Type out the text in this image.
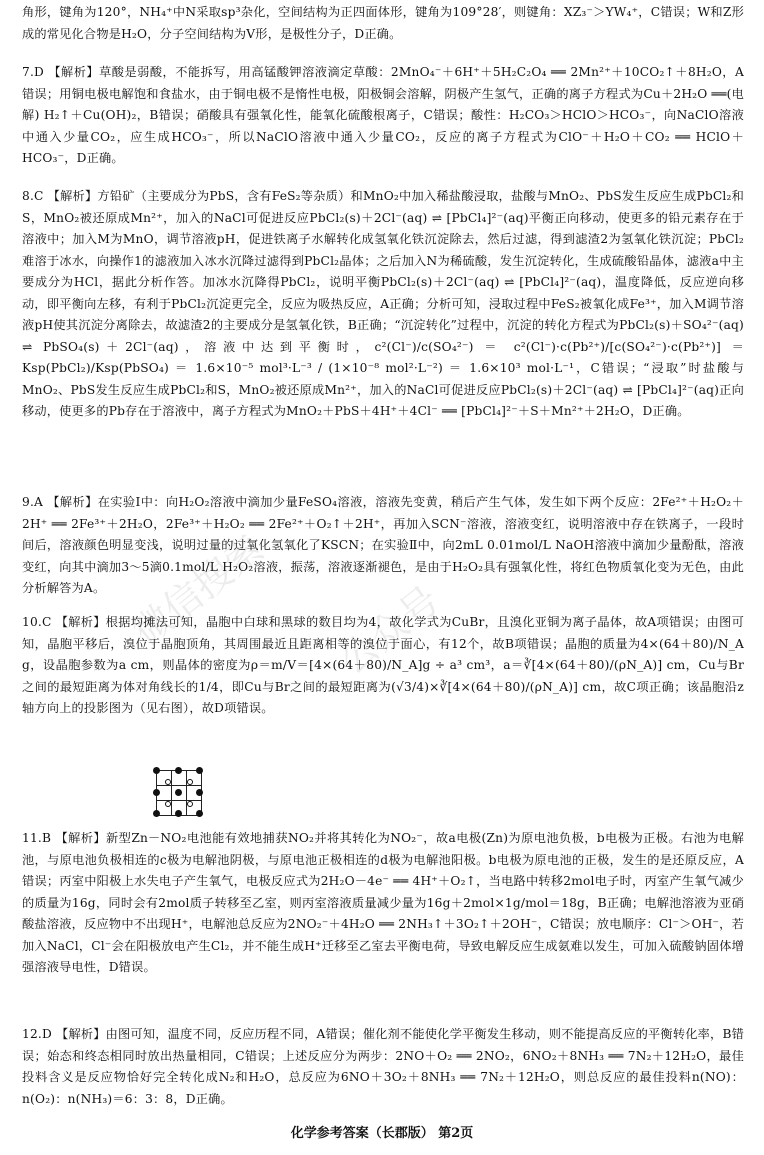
微信搜索 公众号
角形，键角为120°，NH₄⁺中N采取sp³杂化，空间结构为正四面体形，键角为109°28′，则键角：XZ₃⁻＞YW₄⁺，C错误；W和Z形成的常见化合物是H₂O，分子空间结构为V形，是极性分子，D正确。
7.D 【解析】草酸是弱酸，不能拆写，用高锰酸钾溶液滴定草酸：2MnO₄⁻＋6H⁺＋5H₂C₂O₄ ══ 2Mn²⁺＋10CO₂↑＋8H₂O，A错误；用铜电极电解饱和食盐水，由于铜电极不是惰性电极，阳极铜会溶解，阴极产生氢气，正确的离子方程式为Cu＋2H₂O ══(电解) H₂↑＋Cu(OH)₂，B错误；硝酸具有强氧化性，能氧化硫酸根离子，C错误；酸性：H₂CO₃＞HClO＞HCO₃⁻，向NaClO溶液中通入少量CO₂，应生成HCO₃⁻，所以NaClO溶液中通入少量CO₂，反应的离子方程式为ClO⁻＋H₂O＋CO₂ ══ HClO＋HCO₃⁻，D正确。
8.C 【解析】方铅矿（主要成分为PbS，含有FeS₂等杂质）和MnO₂中加入稀盐酸浸取，盐酸与MnO₂、PbS发生反应生成PbCl₂和S，MnO₂被还原成Mn²⁺，加入的NaCl可促进反应PbCl₂(s)＋2Cl⁻(aq) ⇌ [PbCl₄]²⁻(aq)平衡正向移动，使更多的铅元素存在于溶液中；加入M为MnO，调节溶液pH，促进铁离子水解转化成氢氧化铁沉淀除去，然后过滤，得到滤渣2为氢氧化铁沉淀；PbCl₂难溶于冰水，向操作1的滤液加入冰水沉降过滤得到PbCl₂晶体；之后加入N为稀硫酸，发生沉淀转化，生成硫酸铅晶体，滤液a中主要成分为HCl，据此分析作答。加冰水沉降得PbCl₂，说明平衡PbCl₂(s)＋2Cl⁻(aq) ⇌ [PbCl₄]²⁻(aq)，温度降低，反应逆向移动，即平衡向左移，有利于PbCl₂沉淀更完全，反应为吸热反应，A正确；分析可知，浸取过程中FeS₂被氧化成Fe³⁺，加入M调节溶液pH使其沉淀分离除去，故滤渣2的主要成分是氢氧化铁，B正确；“沉淀转化”过程中，沉淀的转化方程式为PbCl₂(s)＋SO₄²⁻(aq) ⇌ PbSO₄(s)＋2Cl⁻(aq)，溶液中达到平衡时，c²(Cl⁻)/c(SO₄²⁻) ＝ c²(Cl⁻)·c(Pb²⁺)/[c(SO₄²⁻)·c(Pb²⁺)] ＝ Ksp(PbCl₂)/Ksp(PbSO₄) ＝ 1.6×10⁻⁵ mol³·L⁻³ / (1×10⁻⁸ mol²·L⁻²) ＝ 1.6×10³ mol·L⁻¹，C错误；“浸取”时盐酸与MnO₂、PbS发生反应生成PbCl₂和S，MnO₂被还原成Mn²⁺，加入的NaCl可促进反应PbCl₂(s)＋2Cl⁻(aq) ⇌ [PbCl₄]²⁻(aq)正向移动，使更多的Pb存在于溶液中，离子方程式为MnO₂＋PbS＋4H⁺＋4Cl⁻ ══ [PbCl₄]²⁻＋S＋Mn²⁺＋2H₂O，D正确。
9.A 【解析】在实验Ⅰ中：向H₂O₂溶液中滴加少量FeSO₄溶液，溶液先变黄，稍后产生气体，发生如下两个反应：2Fe²⁺＋H₂O₂＋2H⁺ ══ 2Fe³⁺＋2H₂O，2Fe³⁺＋H₂O₂ ══ 2Fe²⁺＋O₂↑＋2H⁺，再加入SCN⁻溶液，溶液变红，说明溶液中存在铁离子，一段时间后，溶液颜色明显变浅，说明过量的过氧化氢氧化了KSCN；在实验Ⅱ中，向2mL 0.01mol/L NaOH溶液中滴加少量酚酞，溶液变红，向其中滴加3～5滴0.1mol/L H₂O₂溶液，振荡，溶液逐渐褪色，是由于H₂O₂具有强氧化性，将红色物质氧化变为无色，由此分析解答为A。
10.C 【解析】根据均摊法可知，晶胞中白球和黑球的数目均为4，故化学式为CuBr，且溴化亚铜为离子晶体，故A项错误；由图可知，晶胞平移后，溴位于晶胞顶角，其周围最近且距离相等的溴位于面心，有12个，故B项错误；晶胞的质量为4×(64＋80)/N_A g，设晶胞参数为a cm，则晶体的密度为ρ＝m/V＝[4×(64＋80)/N_A]g ÷ a³ cm³，a＝∛[4×(64＋80)/(ρN_A)] cm，Cu与Br之间的最短距离为体对角线长的1/4，即Cu与Br之间的最短距离为(√3/4)×∛[4×(64＋80)/(ρN_A)] cm，故C项正确；该晶胞沿z轴方向上的投影图为（见右图），故D项错误。
11.B 【解析】新型Zn－NO₂电池能有效地捕获NO₂并将其转化为NO₂⁻，故a电极(Zn)为原电池负极，b电极为正极。右池为电解池，与原电池负极相连的c极为电解池阴极，与原电池正极相连的d极为电解池阳极。b电极为原电池的正极，发生的是还原反应，A错误；丙室中阳极上水失电子产生氧气，电极反应式为2H₂O－4e⁻ ══ 4H⁺＋O₂↑，当电路中转移2mol电子时，丙室产生氧气减少的质量为16g，同时会有2mol质子转移至乙室，则丙室溶液质量减少量为16g＋2mol×1g/mol＝18g，B正确；电解池溶液为亚硝酸盐溶液，反应物中不出现H⁺，电解池总反应为2NO₂⁻＋4H₂O ══ 2NH₃↑＋3O₂↑＋2OH⁻，C错误；放电顺序：Cl⁻＞OH⁻，若加入NaCl，Cl⁻会在阳极放电产生Cl₂，并不能生成H⁺迁移至乙室去平衡电荷，导致电解反应生成氨难以发生，可加入硫酸钠固体增强溶液导电性，D错误。
12.D 【解析】由图可知，温度不同，反应历程不同，A错误；催化剂不能使化学平衡发生移动，则不能提高反应的平衡转化率，B错误；始态和终态相同时放出热量相同，C错误；上述反应分为两步：2NO＋O₂ ══ 2NO₂，6NO₂＋8NH₃ ══ 7N₂＋12H₂O，最佳投料含义是反应物恰好完全转化成N₂和H₂O，总反应为6NO＋3O₂＋8NH₃ ══ 7N₂＋12H₂O，则总反应的最佳投料n(NO)：n(O₂)：n(NH₃)＝6：3：8，D正确。
化学参考答案（长郡版） 第2页
